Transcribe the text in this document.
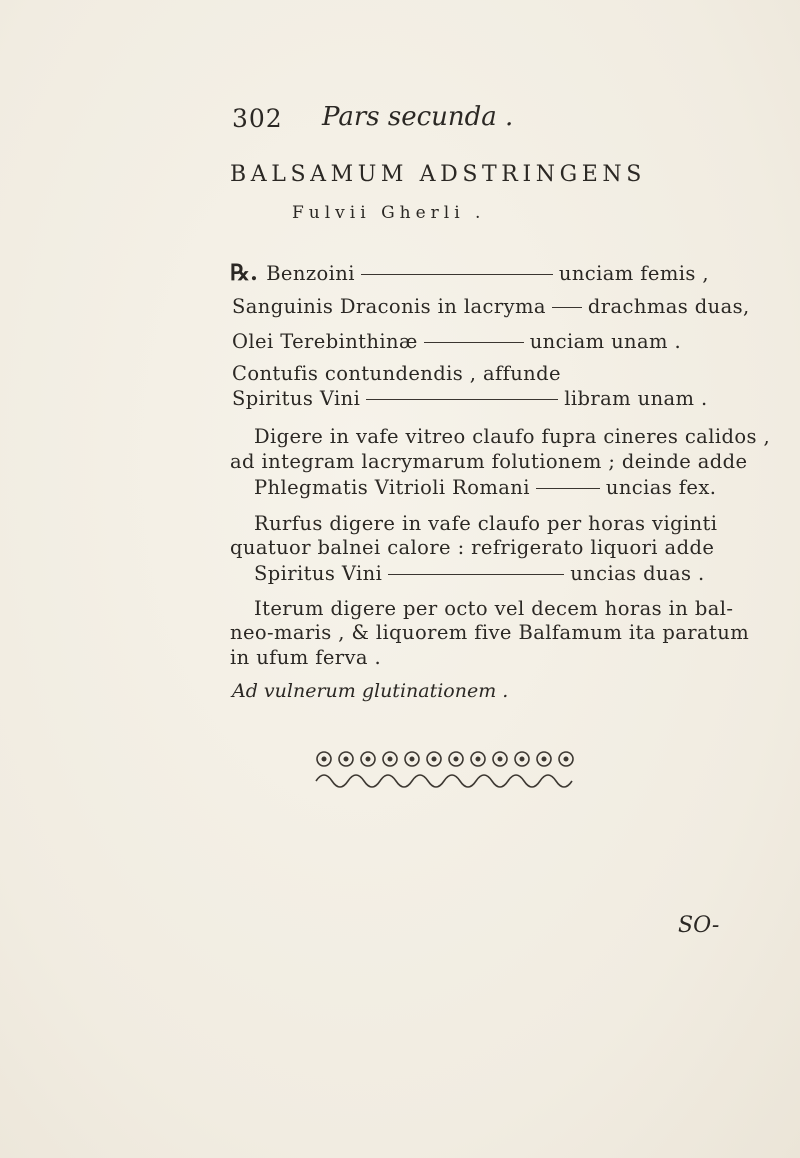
302 Pars secunda .
BALSAMUM ADSTRINGENS
Fulvii Gherli .
℞. Benzoini	unciam femis ,
Sanguinis Draconis in lacryma drachmas duas,
Olei Terebinthinæ	unciam unam .
Contufis contundendis , affunde
Spiritus Vini	libram unam .
Digere in vafe vitreo claufo fupra cineres calidos ,
ad integram lacrymarum folutionem ; deinde adde
Phlegmatis Vitrioli Romani	uncias fex.
Rurfus digere in vafe claufo per horas viginti
quatuor balnei calore : refrigerato liquori adde
Spiritus Vini	uncias duas .
Iterum digere per octo vel decem horas in bal-
neo-maris , & liquorem five Balfamum ita paratum
in ufum ferva .
Ad vulnerum glutinationem .
SO-
